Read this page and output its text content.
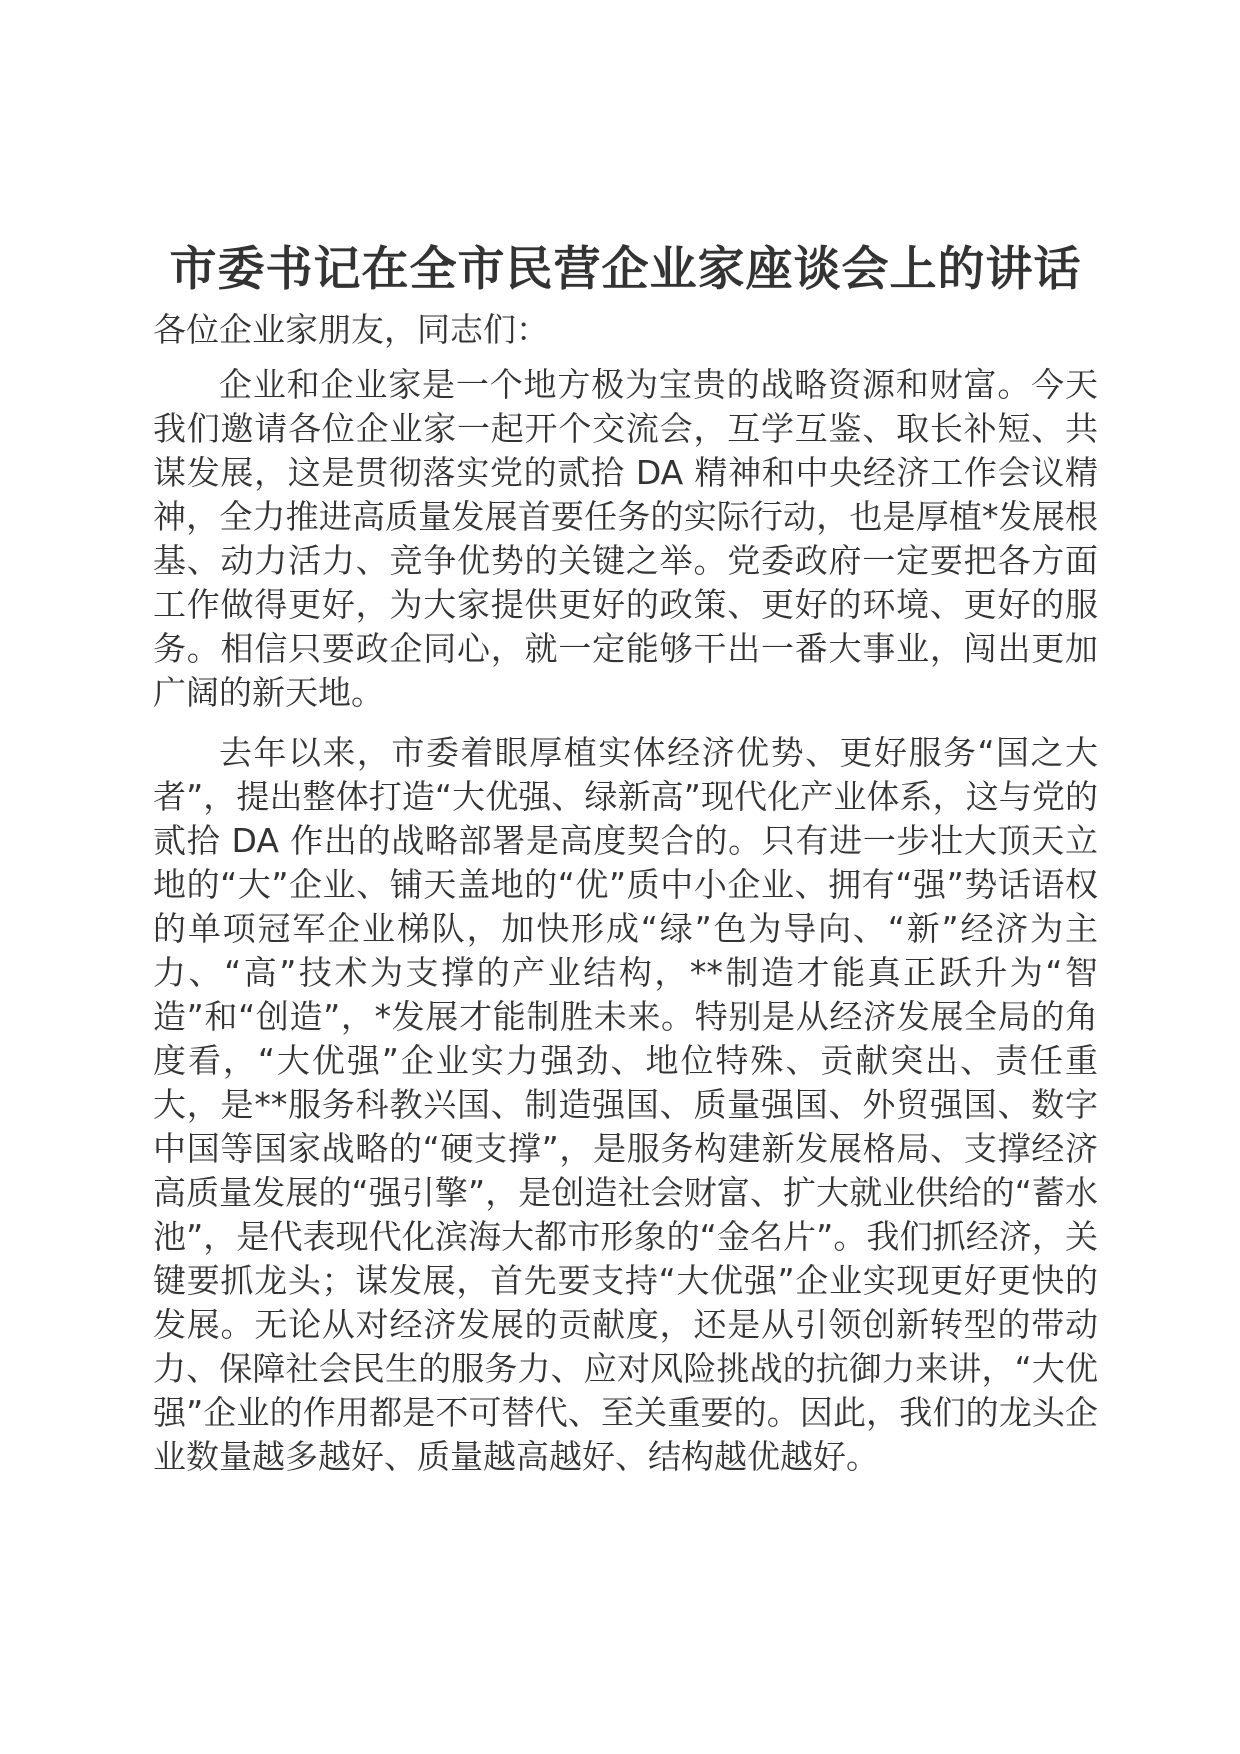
市委书记在全市民营企业家座谈会上的讲话

各位企业家朋友，同志们：

企业和企业家是一个地方极为宝贵的战略资源和财富。今天我们邀请各位企业家一起开个交流会，互学互鉴、取长补短、共谋发展，这是贯彻落实党的贰拾 DA 精神和中央经济工作会议精神，全力推进高质量发展首要任务的实际行动，也是厚植*发展根基、动力活力、竞争优势的关键之举。党委政府一定要把各方面工作做得更好，为大家提供更好的政策、更好的环境、更好的服务。相信只要政企同心，就一定能够干出一番大事业，闯出更加广阔的新天地。

去年以来，市委着眼厚植实体经济优势、更好服务“国之大者”，提出整体打造“大优强、绿新高”现代化产业体系，这与党的贰拾 DA 作出的战略部署是高度契合的。只有进一步壮大顶天立地的“大”企业、铺天盖地的“优”质中小企业、拥有“强”势话语权的单项冠军企业梯队，加快形成“绿”色为导向、“新”经济为主力、“高”技术为支撑的产业结构，**制造才能真正跃升为“智造”和“创造”，*发展才能制胜未来。特别是从经济发展全局的角度看，“大优强”企业实力强劲、地位特殊、贡献突出、责任重大，是**服务科教兴国、制造强国、质量强国、外贸强国、数字中国等国家战略的“硬支撑”，是服务构建新发展格局、支撑经济高质量发展的“强引擎”，是创造社会财富、扩大就业供给的“蓄水池”，是代表现代化滨海大都市形象的“金名片”。我们抓经济，关键要抓龙头；谋发展，首先要支持“大优强”企业实现更好更快的发展。无论从对经济发展的贡献度，还是从引领创新转型的带动力、保障社会民生的服务力、应对风险挑战的抗御力来讲，“大优强”企业的作用都是不可替代、至关重要的。因此，我们的龙头企业数量越多越好、质量越高越好、结构越优越好。
